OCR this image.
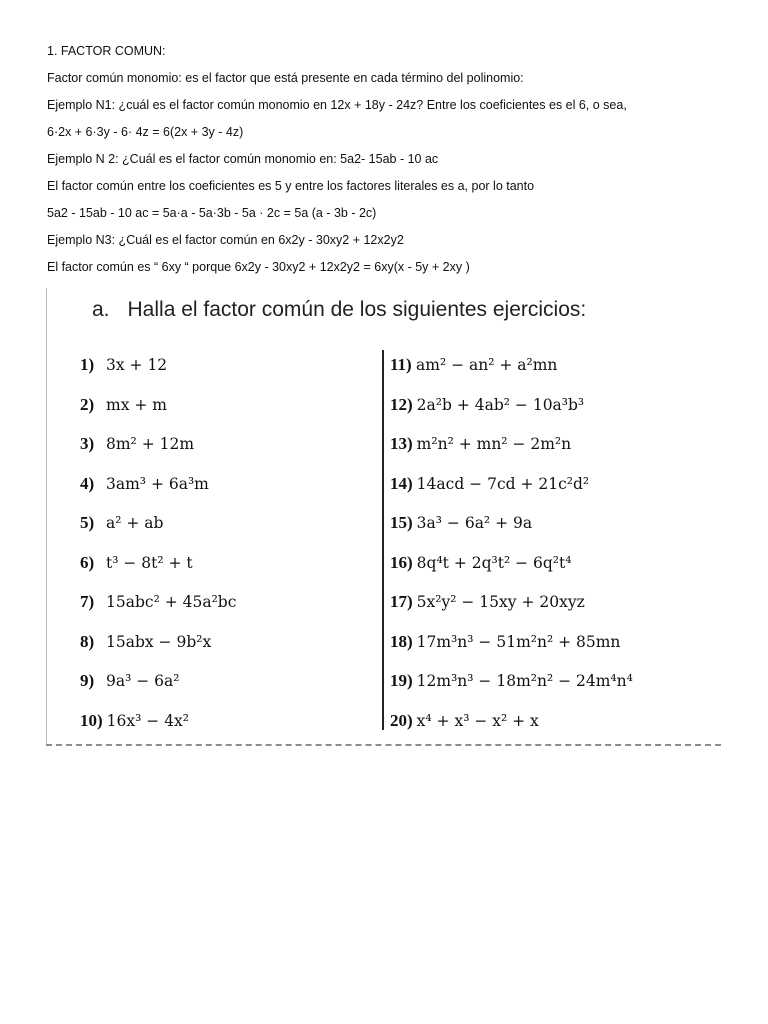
1. FACTOR COMUN:
Factor común monomio: es el factor que está presente en cada término del polinomio:
Ejemplo N1: ¿cuál es el factor común monomio en 12x + 18y - 24z? Entre los coeficientes es el 6, o sea,
6·2x + 6·3y - 6· 4z = 6(2x + 3y - 4z)
Ejemplo N 2: ¿Cuál es el factor común monomio en: 5a2- 15ab - 10 ac
El factor común entre los coeficientes es 5 y entre los factores literales es a, por lo tanto
5a2 - 15ab - 10 ac = 5a·a - 5a·3b - 5a · 2c = 5a (a - 3b - 2c)
Ejemplo N3: ¿Cuál es el factor común en 6x2y - 30xy2 + 12x2y2
El factor común es “ 6xy “ porque 6x2y - 30xy2 + 12x2y2 = 6xy(x - 5y + 2xy )
a. Halla el factor común de los siguientes ejercicios:
1) 3x + 12
2) mx + m
3) 8m² + 12m
4) 3am³ + 6a³m
5) a² + ab
6) t³ − 8t² + t
7) 15abc² + 45a²bc
8) 15abx − 9b²x
9) 9a³ − 6a²
10) 16x³ − 4x²
11) am² − an² + a²mn
12) 2a²b + 4ab² − 10a³b³
13) m²n² + mn² − 2m²n
14) 14acd − 7cd + 21c²d²
15) 3a³ − 6a² + 9a
16) 8q⁴t + 2q³t² − 6q²t⁴
17) 5x²y² − 15xy + 20xyz
18) 17m³n³ − 51m²n² + 85mn
19) 12m³n³ − 18m²n² − 24m⁴n⁴
20) x⁴ + x³ − x² + x
